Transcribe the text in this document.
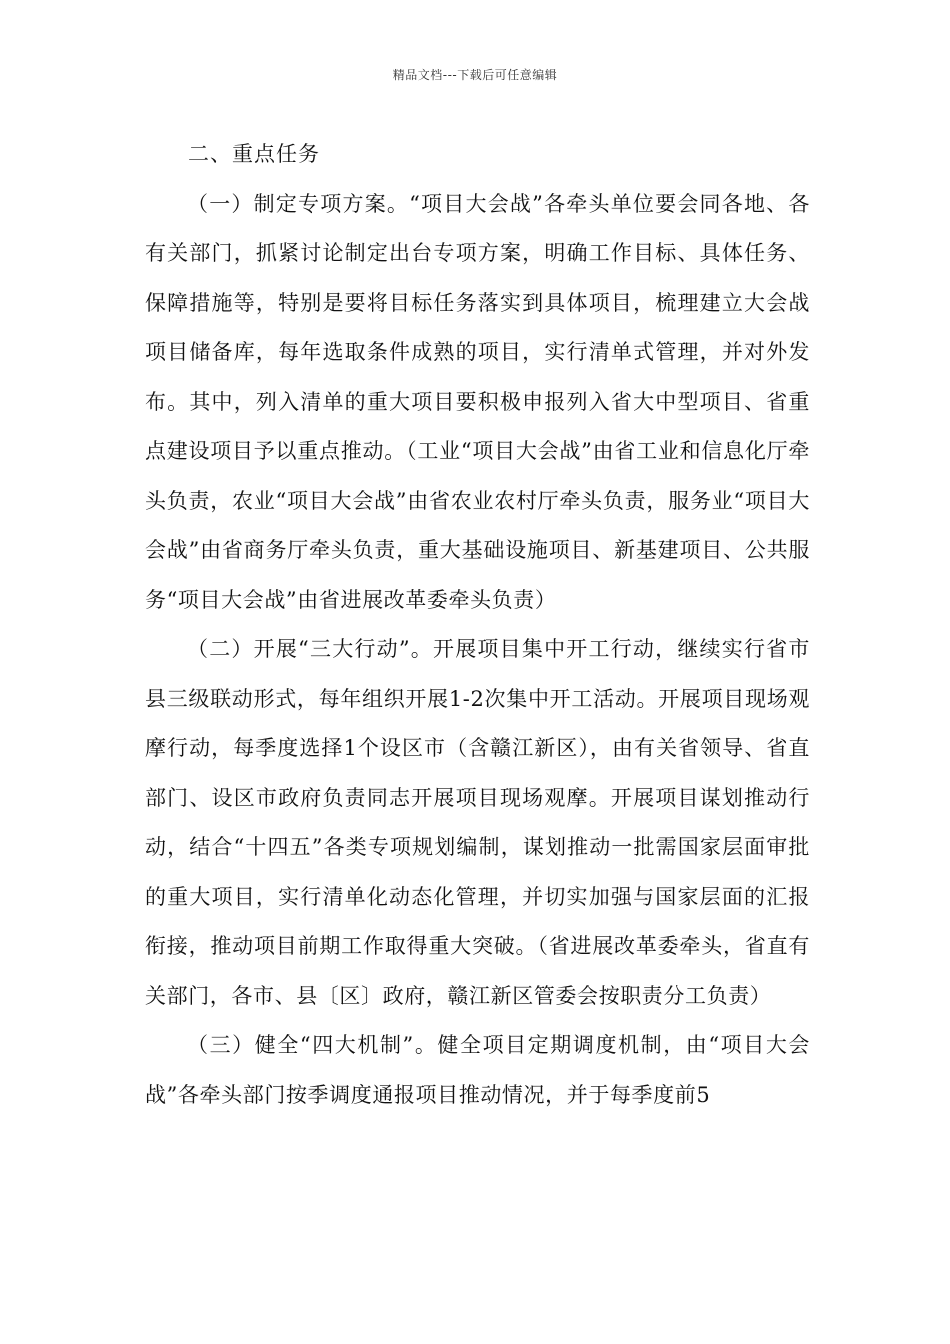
精品文档---下载后可任意编辑

二、重点任务

（一）制定专项方案。“项目大会战”各牵头单位要会同各地、各有关部门，抓紧讨论制定出台专项方案，明确工作目标、具体任务、保障措施等，特别是要将目标任务落实到具体项目，梳理建立大会战项目储备库，每年选取条件成熟的项目，实行清单式管理，并对外发布。其中，列入清单的重大项目要积极申报列入省大中型项目、省重点建设项目予以重点推动。（工业“项目大会战”由省工业和信息化厅牵头负责，农业“项目大会战”由省农业农村厅牵头负责，服务业“项目大会战”由省商务厅牵头负责，重大基础设施项目、新基建项目、公共服务“项目大会战”由省进展改革委牵头负责）

（二）开展“三大行动”。开展项目集中开工行动，继续实行省市县三级联动形式，每年组织开展1-2次集中开工活动。开展项目现场观摩行动，每季度选择1个设区市（含赣江新区），由有关省领导、省直部门、设区市政府负责同志开展项目现场观摩。开展项目谋划推动行动，结合“十四五”各类专项规划编制，谋划推动一批需国家层面审批的重大项目，实行清单化动态化管理，并切实加强与国家层面的汇报衔接，推动项目前期工作取得重大突破。（省进展改革委牵头，省直有关部门，各市、县〔区〕政府，赣江新区管委会按职责分工负责）

（三）健全“四大机制”。健全项目定期调度机制，由“项目大会战”各牵头部门按季调度通报项目推动情况，并于每季度前5
